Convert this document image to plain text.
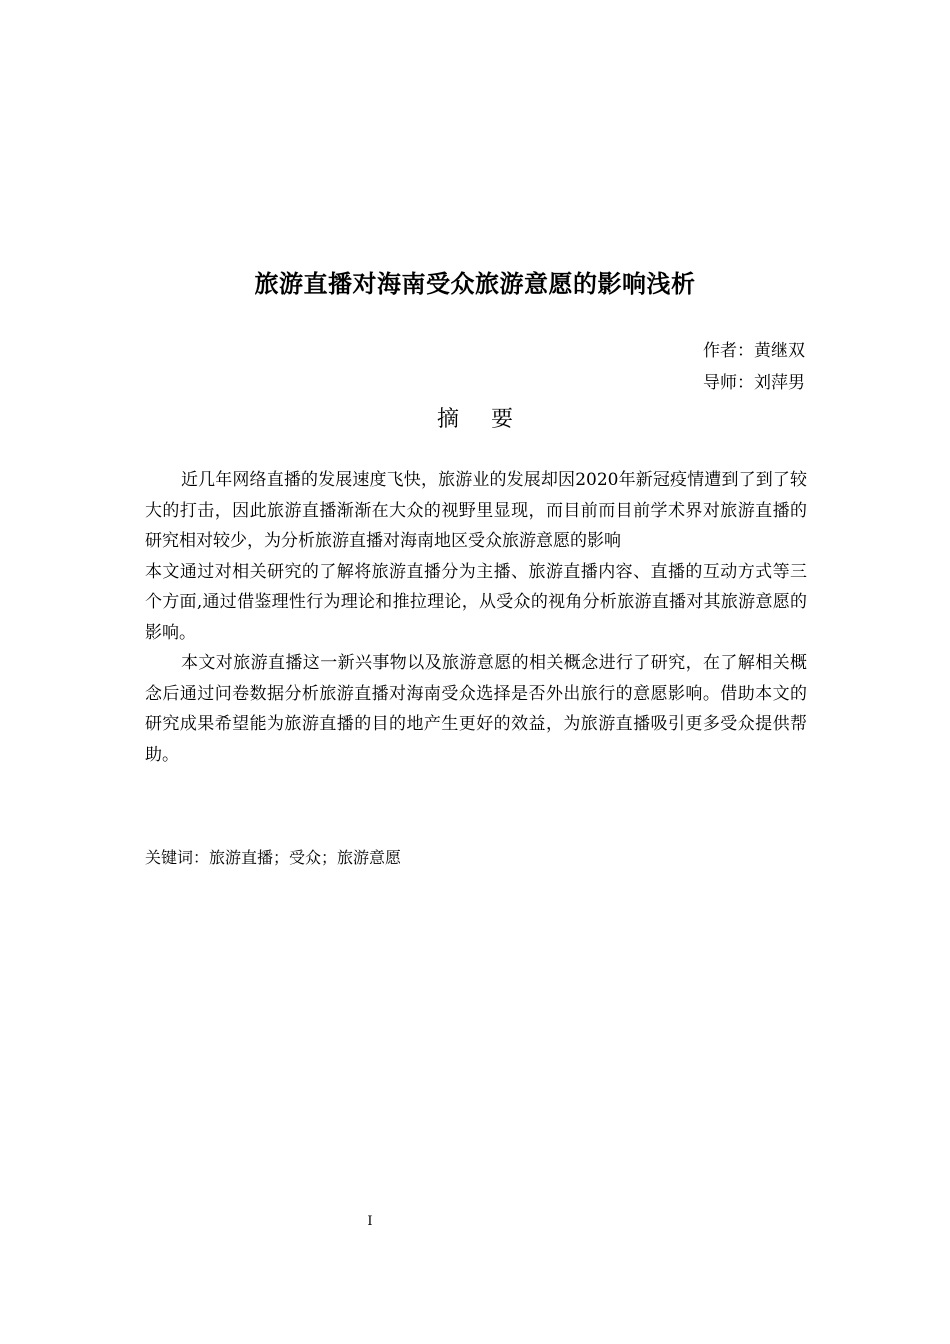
旅游直播对海南受众旅游意愿的影响浅析
作者：黄继双
导师：刘萍男
摘要

近几年网络直播的发展速度飞快，旅游业的发展却因2020年新冠疫情遭到了到了较大的打击，因此旅游直播渐渐在大众的视野里显现，而目前而目前学术界对旅游直播的研究相对较少，为分析旅游直播对海南地区受众旅游意愿的影响

本文通过对相关研究的了解将旅游直播分为主播、旅游直播内容、直播的互动方式等三个方面,通过借鉴理性行为理论和推拉理论，从受众的视角分析旅游直播对其旅游意愿的影响。

本文对旅游直播这一新兴事物以及旅游意愿的相关概念进行了研究，在了解相关概念后通过问卷数据分析旅游直播对海南受众选择是否外出旅行的意愿影响。借助本文的研究成果希望能为旅游直播的目的地产生更好的效益，为旅游直播吸引更多受众提供帮助。

关键词：旅游直播；受众；旅游意愿
I
